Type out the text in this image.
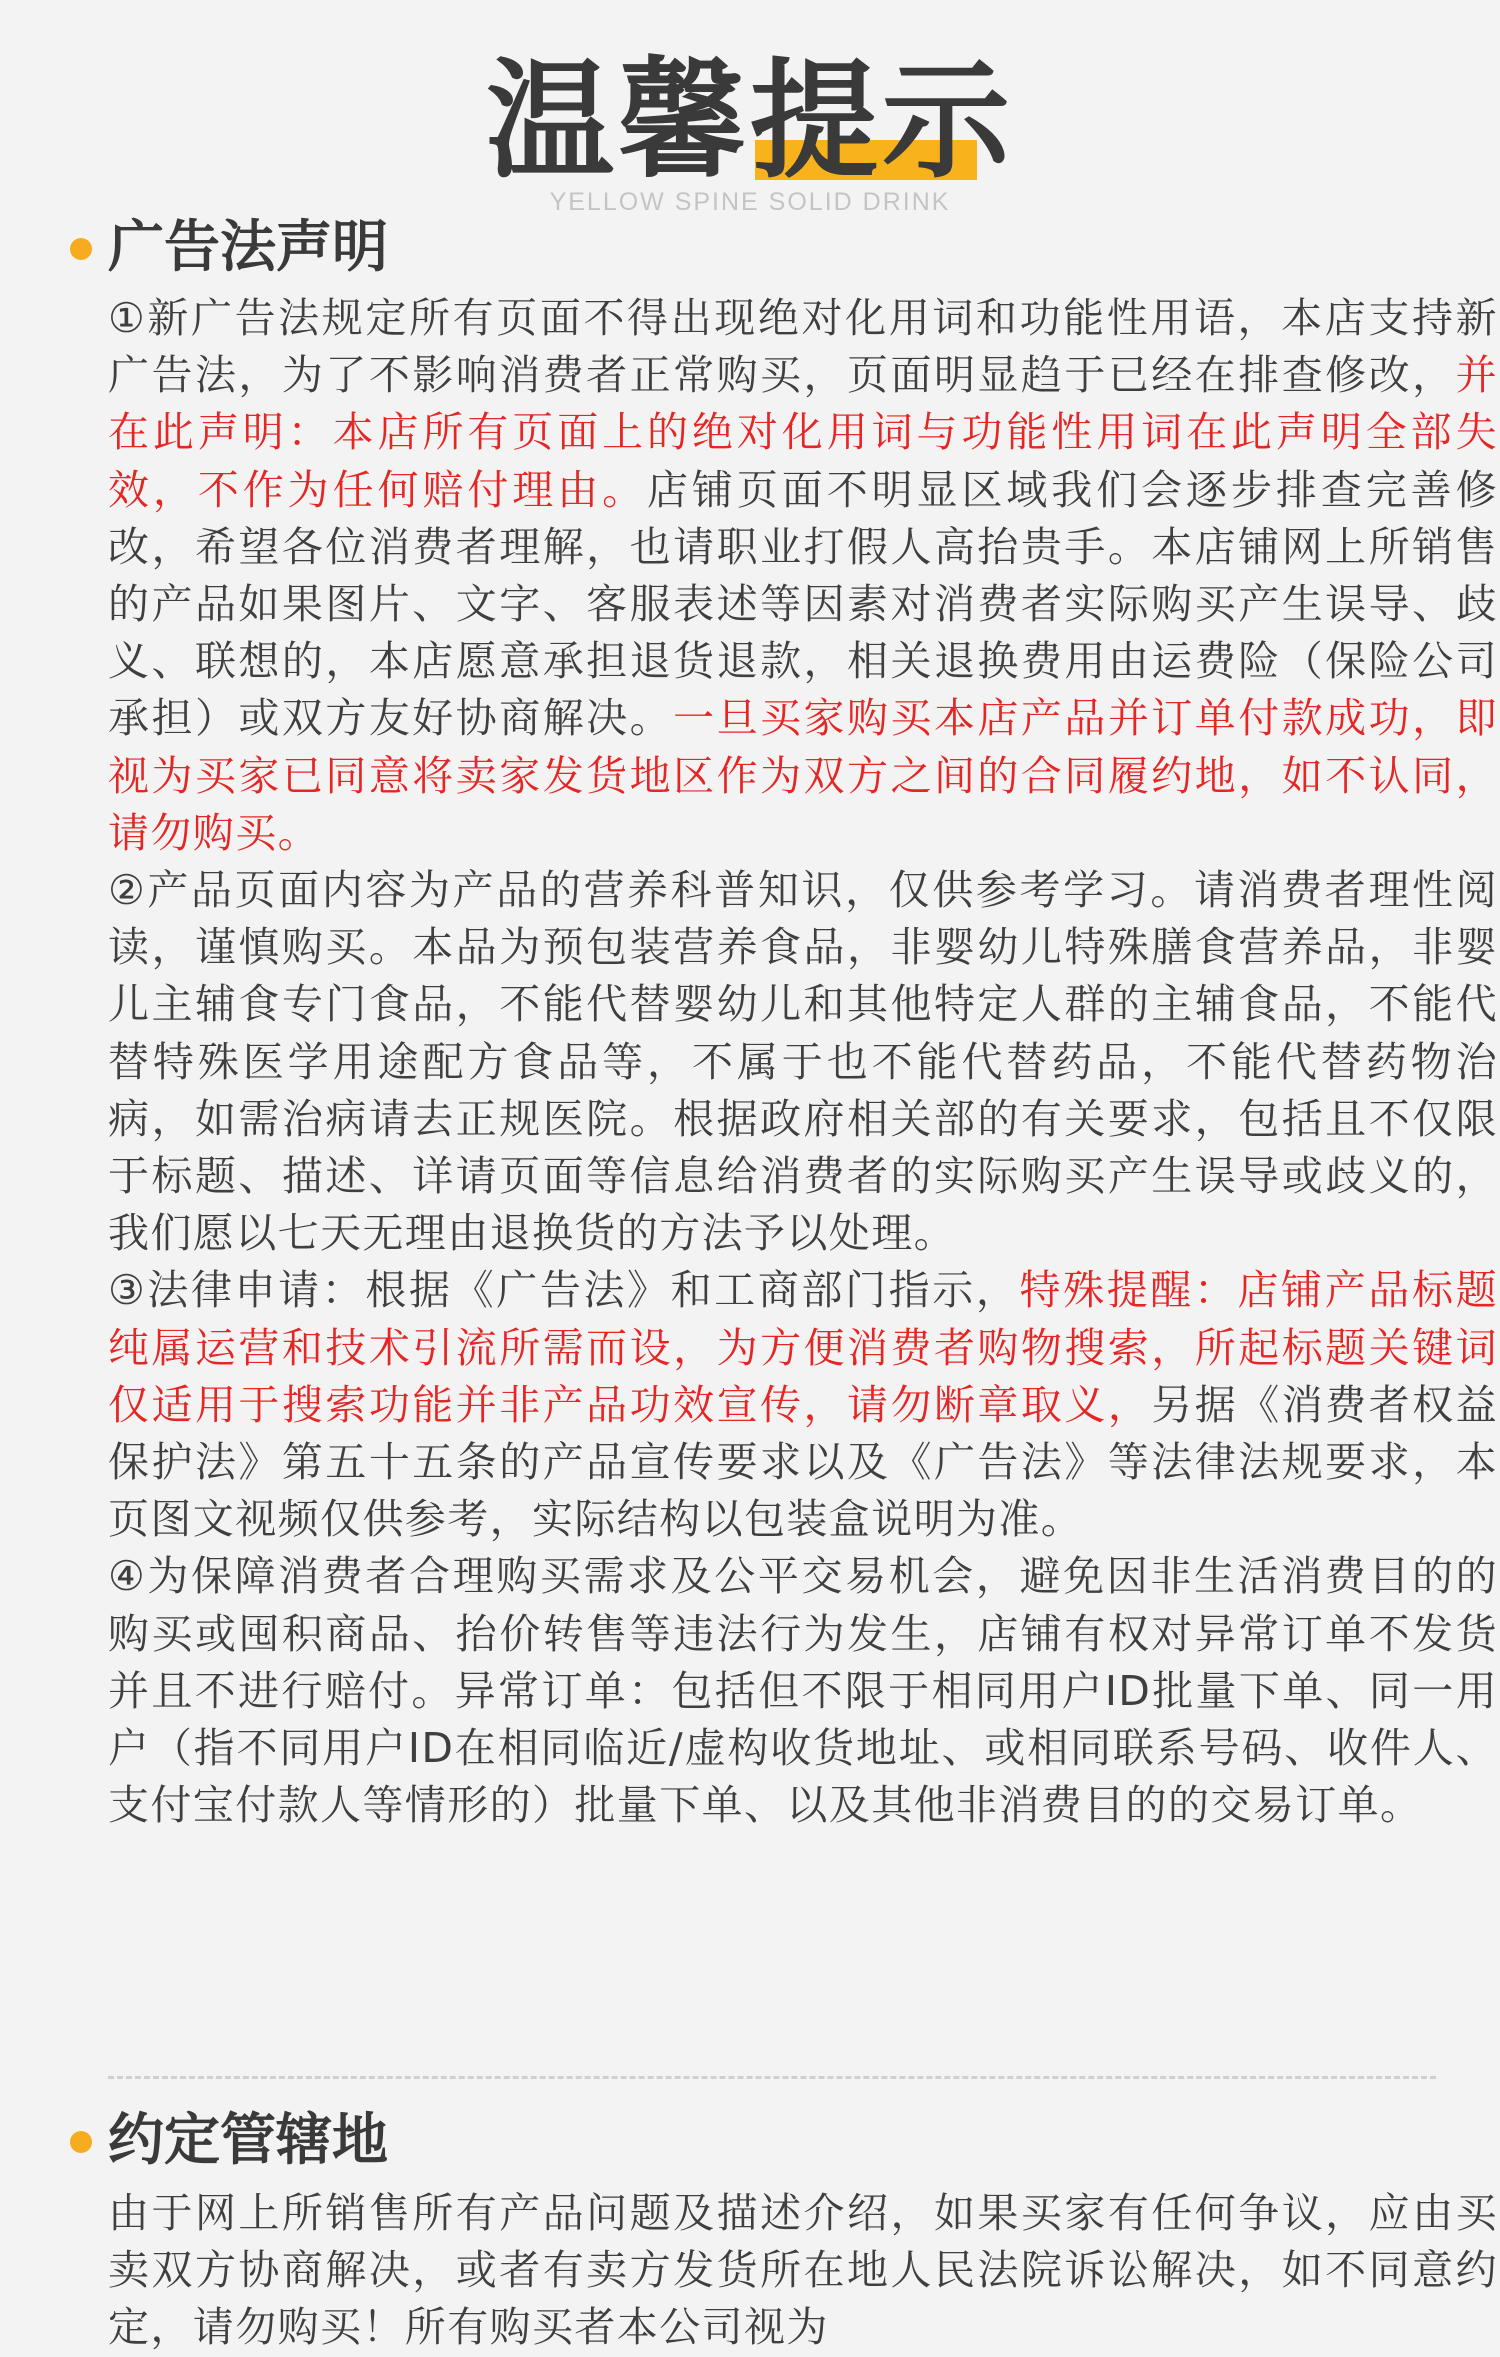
温馨提示
YELLOW SPINE SOLID DRINK
广告法声明

①新广告法规定所有页面不得出现绝对化用词和功能性用语，本店支持新广告法，为了不影响消费者正常购买，页面明显趋于已经在排查修改，并在此声明：本店所有页面上的绝对化用词与功能性用词在此声明全部失效，不作为任何赔付理由。店铺页面不明显区域我们会逐步排查完善修改，希望各位消费者理解，也请职业打假人高抬贵手。本店铺网上所销售的产品如果图片、文字、客服表述等因素对消费者实际购买产生误导、歧义、联想的，本店愿意承担退货退款，相关退换费用由运费险（保险公司承担）或双方友好协商解决。一旦买家购买本店产品并订单付款成功，即视为买家已同意将卖家发货地区作为双方之间的合同履约地，如不认同，请勿购买。

②产品页面内容为产品的营养科普知识，仅供参考学习。请消费者理性阅读，谨慎购买。本品为预包装营养食品，非婴幼儿特殊膳食营养品，非婴儿主辅食专门食品，不能代替婴幼儿和其他特定人群的主辅食品，不能代替特殊医学用途配方食品等，不属于也不能代替药品，不能代替药物治病，如需治病请去正规医院。根据政府相关部的有关要求，包括且不仅限于标题、描述、详请页面等信息给消费者的实际购买产生误导或歧义的，我们愿以七天无理由退换货的方法予以处理。

③法律申请：根据《广告法》和工商部门指示，特殊提醒：店铺产品标题纯属运营和技术引流所需而设，为方便消费者购物搜索，所起标题关键词仅适用于搜索功能并非产品功效宣传，请勿断章取义，另据《消费者权益保护法》第五十五条的产品宣传要求以及《广告法》等法律法规要求，本页图文视频仅供参考，实际结构以包装盒说明为准。

④为保障消费者合理购买需求及公平交易机会，避免因非生活消费目的的购买或囤积商品、抬价转售等违法行为发生，店铺有权对异常订单不发货并且不进行赔付。异常订单：包括但不限于相同用户ID批量下单、同一用户（指不同用户ID在相同临近/虚构收货地址、或相同联系号码、收件人、支付宝付款人等情形的）批量下单、以及其他非消费目的的交易订单。

约定管辖地

由于网上所销售所有产品问题及描述介绍，如果买家有任何争议，应由买卖双方协商解决，或者有卖方发货所在地人民法院诉讼解决，如不同意约定，请勿购买！所有购买者本公司视为
